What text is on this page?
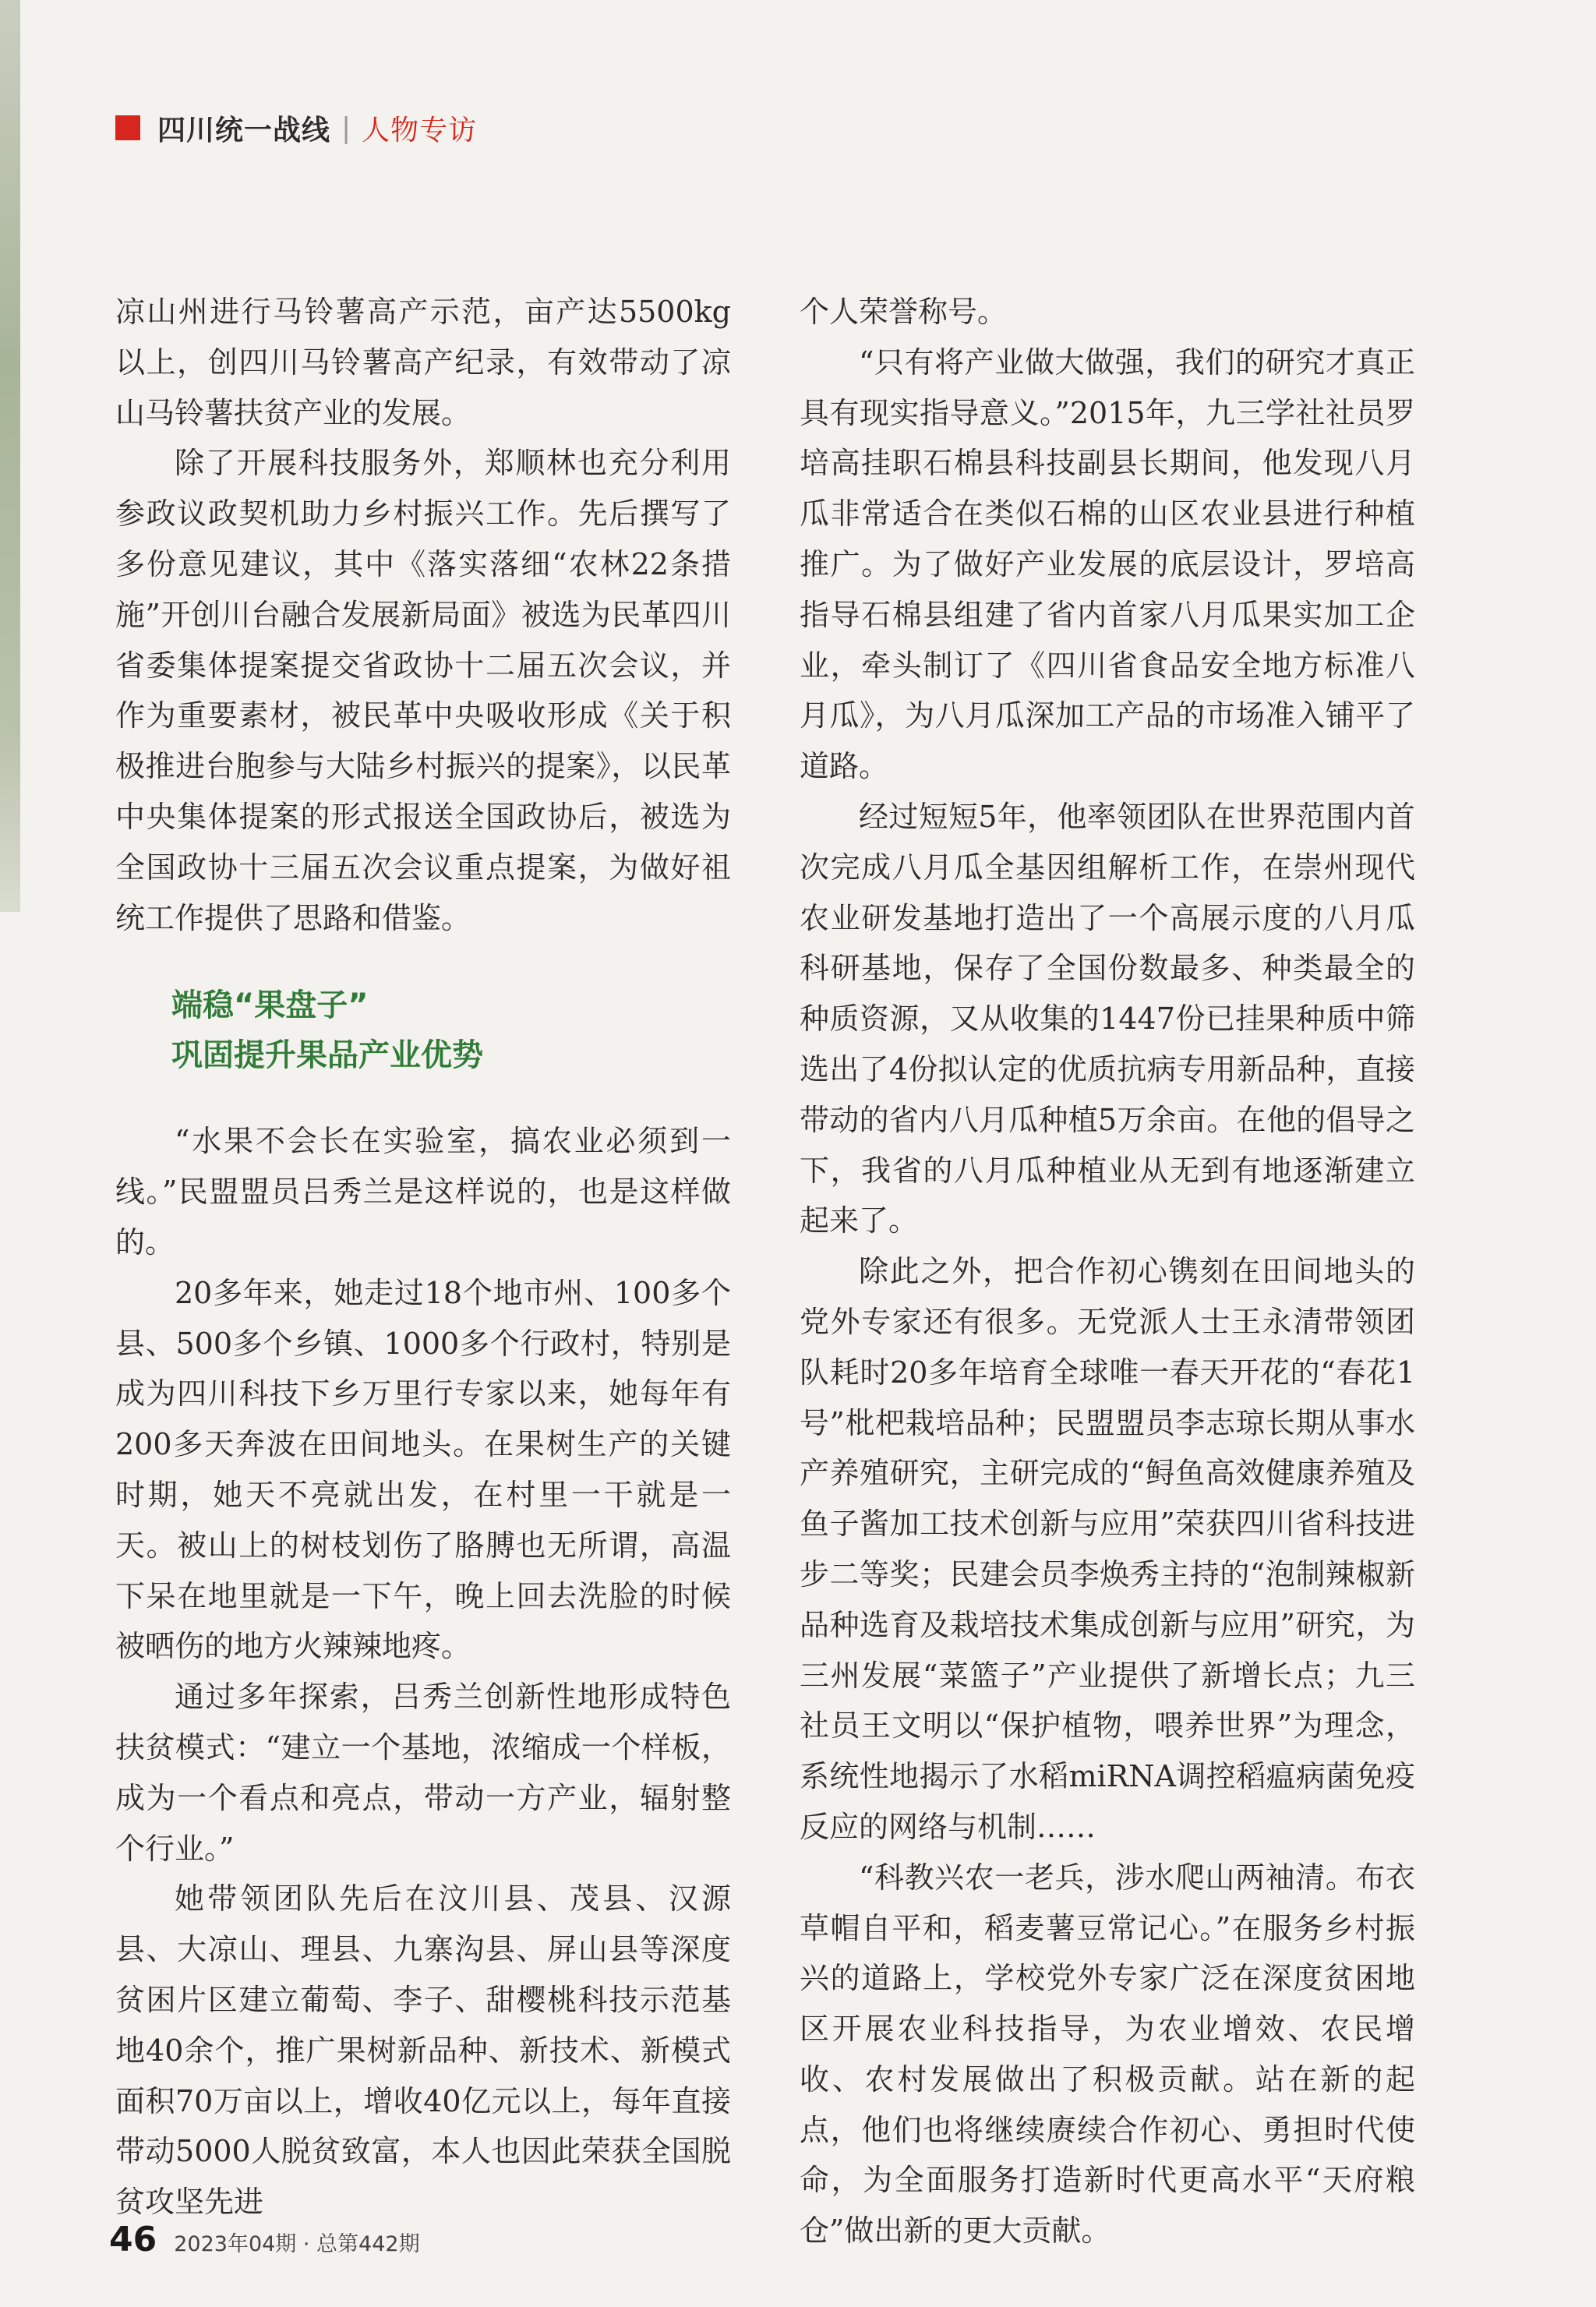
四川统一战线 | 人物专访

凉山州进行马铃薯高产示范，亩产达5500kg以上，创四川马铃薯高产纪录，有效带动了凉山马铃薯扶贫产业的发展。

除了开展科技服务外，郑顺林也充分利用参政议政契机助力乡村振兴工作。先后撰写了多份意见建议，其中《落实落细“农林22条措施”开创川台融合发展新局面》被选为民革四川省委集体提案提交省政协十二届五次会议，并作为重要素材，被民革中央吸收形成《关于积极推进台胞参与大陆乡村振兴的提案》，以民革中央集体提案的形式报送全国政协后，被选为全国政协十三届五次会议重点提案，为做好祖统工作提供了思路和借鉴。

端稳“果盘子”
巩固提升果品产业优势

“水果不会长在实验室，搞农业必须到一线。”民盟盟员吕秀兰是这样说的，也是这样做的。

20多年来，她走过18个地市州、100多个县、500多个乡镇、1000多个行政村，特别是成为四川科技下乡万里行专家以来，她每年有200多天奔波在田间地头。在果树生产的关键时期，她天不亮就出发，在村里一干就是一天。被山上的树枝划伤了胳膊也无所谓，高温下呆在地里就是一下午，晚上回去洗脸的时候被晒伤的地方火辣辣地疼。

通过多年探索，吕秀兰创新性地形成特色扶贫模式：“建立一个基地，浓缩成一个样板，成为一个看点和亮点，带动一方产业，辐射整个行业。”

她带领团队先后在汶川县、茂县、汉源县、大凉山、理县、九寨沟县、屏山县等深度贫困片区建立葡萄、李子、甜樱桃科技示范基地40余个，推广果树新品种、新技术、新模式面积70万亩以上，增收40亿元以上，每年直接带动5000人脱贫致富，本人也因此荣获全国脱贫攻坚先进

个人荣誉称号。

“只有将产业做大做强，我们的研究才真正具有现实指导意义。”2015年，九三学社社员罗培高挂职石棉县科技副县长期间，他发现八月瓜非常适合在类似石棉的山区农业县进行种植推广。为了做好产业发展的底层设计，罗培高指导石棉县组建了省内首家八月瓜果实加工企业，牵头制订了《四川省食品安全地方标准八月瓜》，为八月瓜深加工产品的市场准入铺平了道路。

经过短短5年，他率领团队在世界范围内首次完成八月瓜全基因组解析工作，在崇州现代农业研发基地打造出了一个高展示度的八月瓜科研基地，保存了全国份数最多、种类最全的种质资源，又从收集的1447份已挂果种质中筛选出了4份拟认定的优质抗病专用新品种，直接带动的省内八月瓜种植5万余亩。在他的倡导之下，我省的八月瓜种植业从无到有地逐渐建立起来了。

除此之外，把合作初心镌刻在田间地头的党外专家还有很多。无党派人士王永清带领团队耗时20多年培育全球唯一春天开花的“春花1号”枇杷栽培品种；民盟盟员李志琼长期从事水产养殖研究，主研完成的“鲟鱼高效健康养殖及鱼子酱加工技术创新与应用”荣获四川省科技进步二等奖；民建会员李焕秀主持的“泡制辣椒新品种选育及栽培技术集成创新与应用”研究，为三州发展“菜篮子”产业提供了新增长点；九三社员王文明以“保护植物，喂养世界”为理念，系统性地揭示了水稻miRNA调控稻瘟病菌免疫反应的网络与机制……

“科教兴农一老兵，涉水爬山两袖清。布衣草帽自平和，稻麦薯豆常记心。”在服务乡村振兴的道路上，学校党外专家广泛在深度贫困地区开展农业科技指导，为农业增效、农民增收、农村发展做出了积极贡献。站在新的起点，他们也将继续赓续合作初心、勇担时代使命，为全面服务打造新时代更高水平“天府粮仓”做出新的更大贡献。

46 2023年04期 · 总第442期
